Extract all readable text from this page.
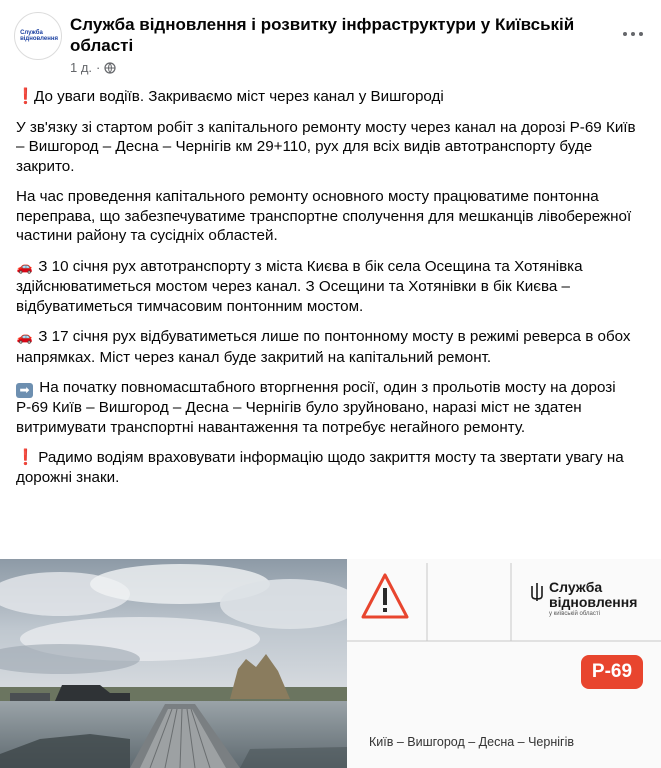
Служба
відновлення
Служба відновлення і розвитку інфраструктури у Київській області
1 д. ·

❗До уваги водіїв. Закриваємо міст через канал у Вишгороді

У зв'язку зі стартом робіт з капітального ремонту мосту через канал на дорозі Р-69 Київ – Вишгород – Десна – Чернігів км 29+110, рух для всіх видів автотранспорту буде закрито.

На час проведення капітального ремонту основного мосту працюватиме понтонна переправа, що забезпечуватиме транспортне сполучення для мешканців лівобережної частини району та сусідніх областей.

🚗 З 10 січня рух автотранспорту з міста Києва в бік села Осещина та Хотянівка здійснюватиметься мостом через канал. З Осещини та Хотянівки в бік Києва – відбуватиметься тимчасовим понтонним мостом.

🚗 З 17 січня рух відбуватиметься лише по понтонному мосту в режимі реверса в обох напрямках. Міст через канал буде закритий на капітальний ремонт.

➡ На початку повномасштабного вторгнення росії, один з прольотів мосту на дорозі Р-69 Київ – Вишгород – Десна – Чернігів було зруйновано, наразі міст не здатен витримувати транспортні навантаження та потребує негайного ремонту.

❗ Радимо водіям враховувати інформацію щодо закриття мосту та звертати увагу на дорожні знаки.

Служба
відновлення
у київській області
Р-69
Київ – Вишгород – Десна – Чернігів
